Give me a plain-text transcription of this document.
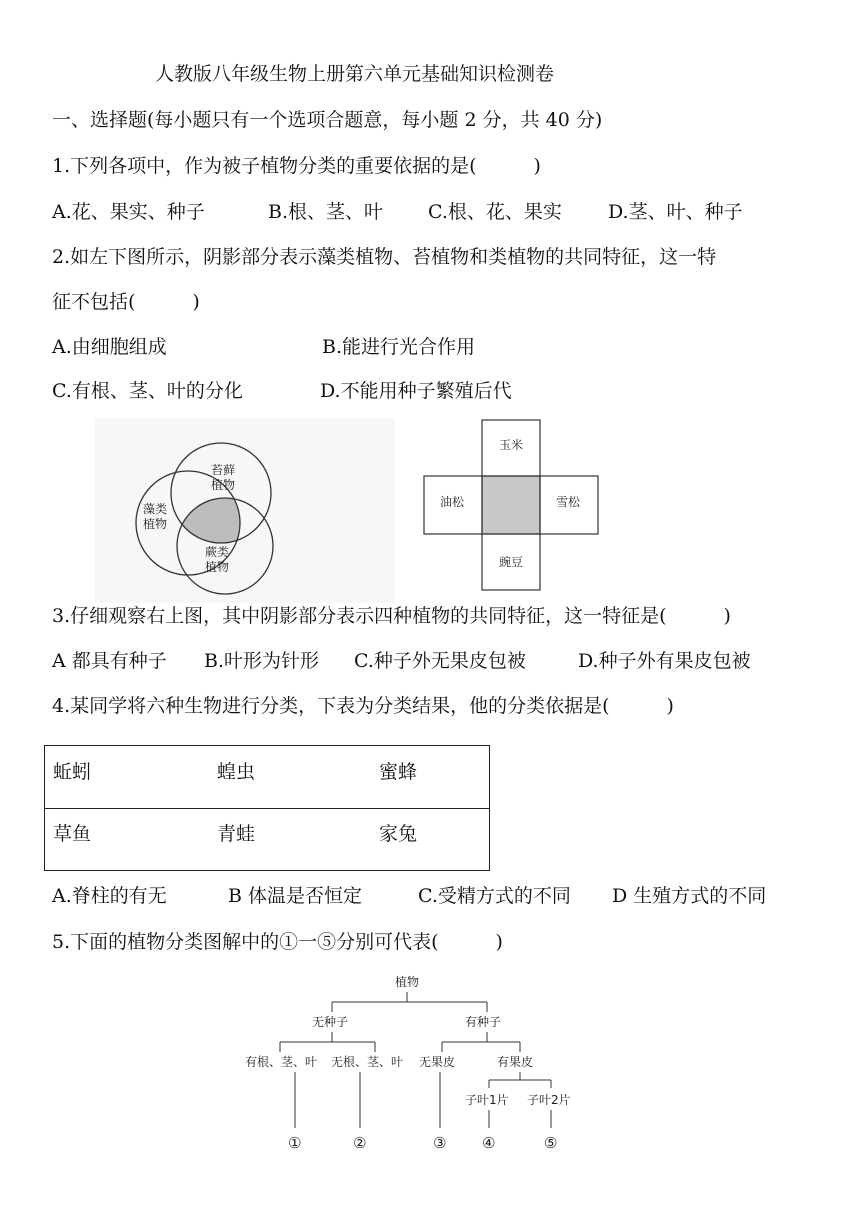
人教版八年级生物上册第六单元基础知识检测卷
一、选择题(每小题只有一个选项合题意，每小题 2 分，共 40 分)
1.下列各项中，作为被子植物分类的重要依据的是(　　　)
A.花、果实、种子	B.根、茎、叶 C.根、花、果实 D.茎、叶、种子
2.如左下图所示，阴影部分表示藻类植物、苔植物和类植物的共同特征，这一特
征不包括(　　　)
A.由细胞组成	B.能进行光合作用
C.有根、茎、叶的分化	D.不能用种子繁殖后代
藻类
植物
苔藓
植物
蕨类
植物
玉米
油松	雪松
豌豆
3.仔细观察右上图，其中阴影部分表示四种植物的共同特征，这一特征是(　　　)
A 都具有种子 B.叶形为针形 C.种子外无果皮包被	D.种子外有果皮包被
4.某同学将六种生物进行分类，下表为分类结果，他的分类依据是(　　　)
蚯蚓	蝗虫	蜜蜂
草鱼	青蛙	家兔
A.脊柱的有无	B 体温是否恒定	C.受精方式的不同 D 生殖方式的不同
5.下面的植物分类图解中的①一⑤分别可代表(　　　)
植物
无种子	有种子
有根、茎、叶 无根、茎、叶 无果皮	有果皮
子叶1片 子叶2片
①	②	③ ④	⑤
